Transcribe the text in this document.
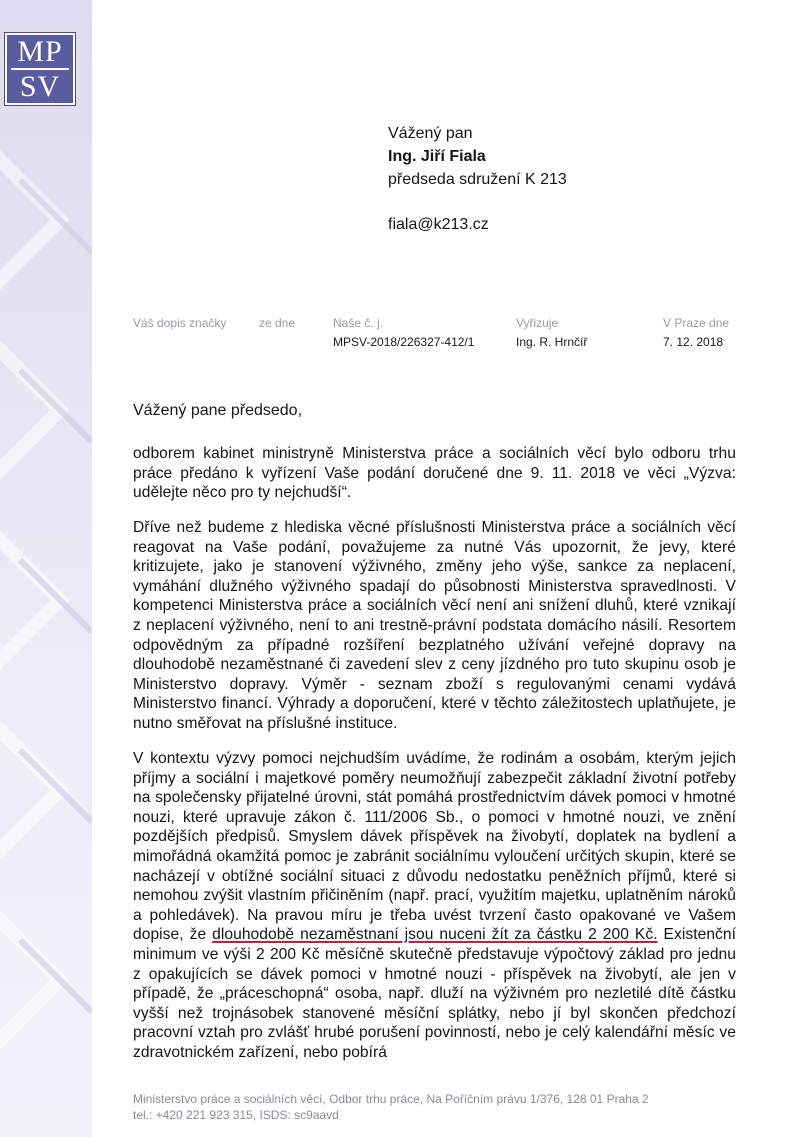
MP
SV
Vážený pan
Ing. Jiří Fiala
předseda sdružení K 213
fiala@k213.cz
Váš dopis značky	ze dne	Naše č. j.
MPSV-2018/226327-412/1
Vyřizuje
Ing. R. Hrnčíř
V Praze dne
7. 12. 2018
Vážený pane předsedo,

odborem kabinet ministryně Ministerstva práce a sociálních věcí bylo odboru trhu práce předáno k vyřízení Vaše podání doručené dne 9. 11. 2018 ve věci „Výzva: udělejte něco pro ty nejchudší“.

Dříve než budeme z hlediska věcné příslušnosti Ministerstva práce a sociálních věcí reagovat na Vaše podání, považujeme za nutné Vás upozornit, že jevy, které kritizujete, jako je stanovení výživného, změny jeho výše, sankce za neplacení, vymáhání dlužného výživného spadají do působnosti Ministerstva spravedlnosti. V kompetenci Ministerstva práce a sociálních věcí není ani snížení dluhů, které vznikají z neplacení výživného, není to ani trestně-právní podstata domácího násilí. Resortem odpovědným za případné rozšíření bezplatného užívání veřejné dopravy na dlouhodobě nezaměstnané či zavedení slev z ceny jízdného pro tuto skupinu osob je Ministerstvo dopravy. Výměr - seznam zboží s regulovanými cenami vydává Ministerstvo financí. Výhrady a doporučení, které v těchto záležitostech uplatňujete, je nutno směřovat na příslušné instituce.

V kontextu výzvy pomoci nejchudším uvádíme, že rodinám a osobám, kterým jejich příjmy a sociální i majetkové poměry neumožňují zabezpečit základní životní potřeby na společensky přijatelné úrovni, stát pomáhá prostřednictvím dávek pomoci v hmotné nouzi, které upravuje zákon č. 111/2006 Sb., o pomoci v hmotné nouzi, ve znění pozdějších předpisů. Smyslem dávek příspěvek na živobytí, doplatek na bydlení a mimořádná okamžitá pomoc je zabránit sociálnímu vyloučení určitých skupin, které se nacházejí v obtížné sociální situaci z důvodu nedostatku peněžních příjmů, které si nemohou zvýšit vlastním přičiněním (např. prací, využitím majetku, uplatněním nároků a pohledávek). Na pravou míru je třeba uvést tvrzení často opakované ve Vašem dopise, že dlouhodobě nezaměstnaní jsou nuceni žít za částku 2 200 Kč. Existenční minimum ve výši 2 200 Kč měsíčně skutečně představuje výpočtový základ pro jednu z opakujících se dávek pomoci v hmotné nouzi - příspěvek na živobytí, ale jen v případě, že „práceschopná“ osoba, např. dluží na výživném pro nezletilé dítě částku vyšší než trojnásobek stanovené měsíční splátky, nebo jí byl skončen předchozí pracovní vztah pro zvlášť hrubé porušení povinností, nebo je celý kalendářní měsíc ve zdravotnickém zařízení, nebo pobírá

Ministerstvo práce a sociálních věcí, Odbor trhu práce, Na Poříčním právu 1/376, 128 01 Praha 2
tel.: +420 221 923 315, ISDS: sc9aavd
